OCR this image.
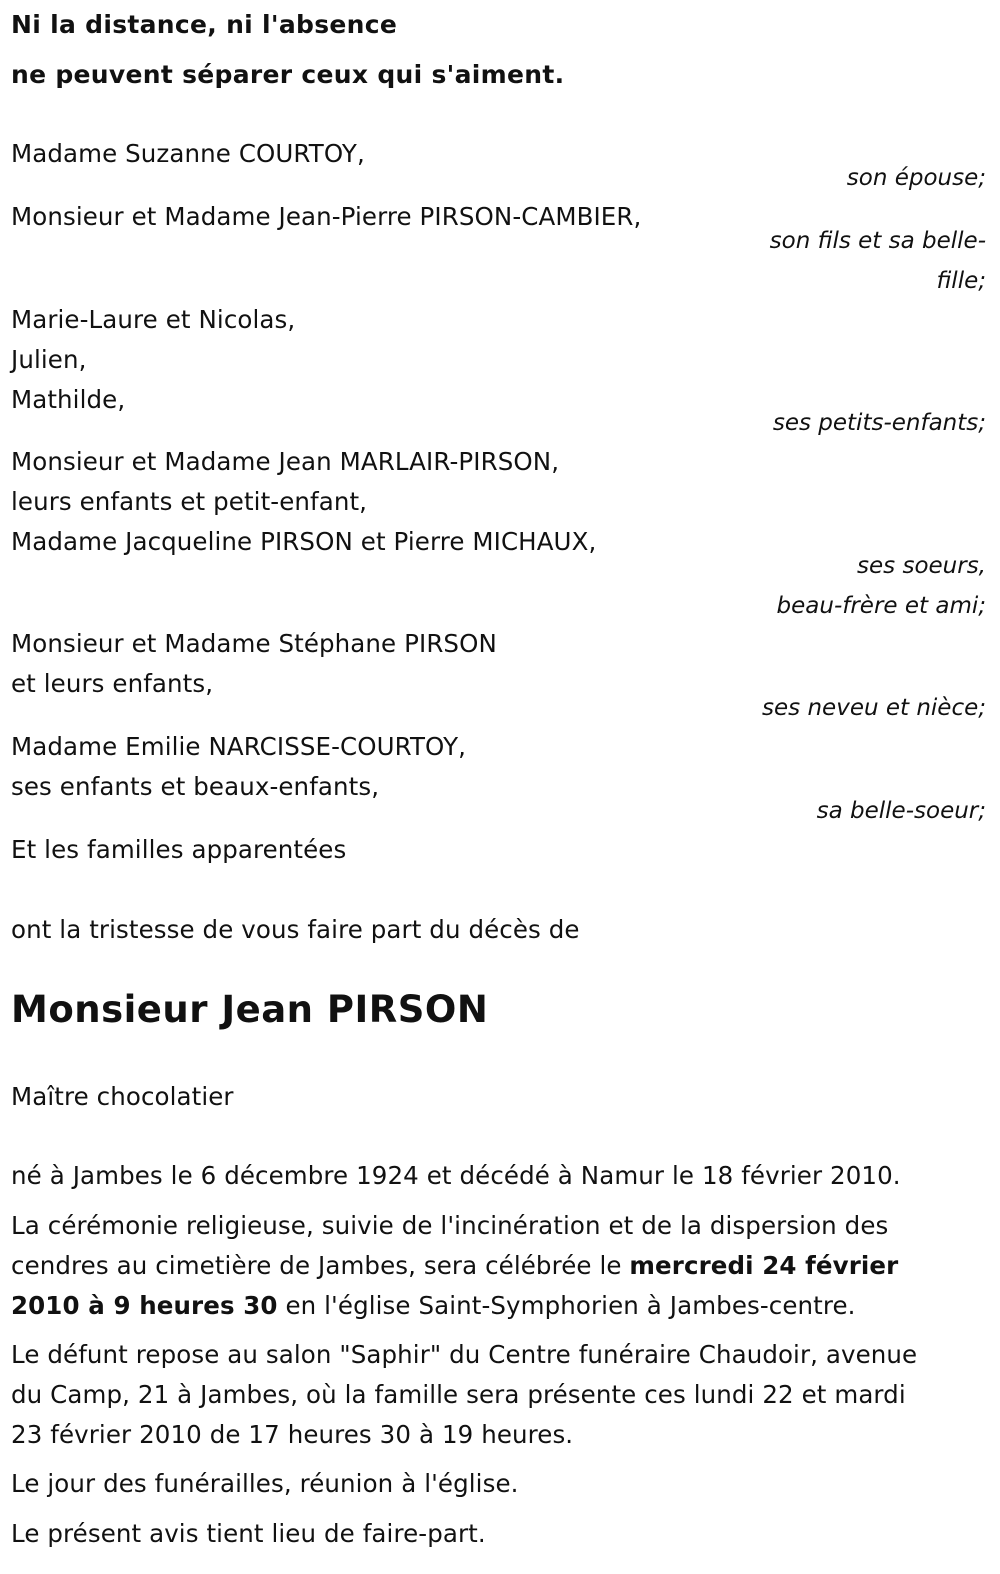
Ni la distance, ni l'absence
ne peuvent séparer ceux qui s'aiment.
Madame Suzanne COURTOY,
son épouse;
Monsieur et Madame Jean-Pierre PIRSON-CAMBIER,
son fils et sa belle-
fille;
Marie-Laure et Nicolas,
Julien,
Mathilde,
ses petits-enfants;
Monsieur et Madame Jean MARLAIR-PIRSON,
leurs enfants et petit-enfant,
Madame Jacqueline PIRSON et Pierre MICHAUX,
ses soeurs,
beau-frère et ami;
Monsieur et Madame Stéphane PIRSON
et leurs enfants,
ses neveu et nièce;
Madame Emilie NARCISSE-COURTOY,
ses enfants et beaux-enfants,
sa belle-soeur;
Et les familles apparentées
ont la tristesse de vous faire part du décès de
Monsieur Jean PIRSON
Maître chocolatier
né à Jambes le 6 décembre 1924 et décédé à Namur le 18 février 2010.
La cérémonie religieuse, suivie de l'incinération et de la dispersion des
cendres au cimetière de Jambes, sera célébrée le mercredi 24 février
2010 à 9 heures 30 en l'église Saint-Symphorien à Jambes-centre.
Le défunt repose au salon "Saphir" du Centre funéraire Chaudoir, avenue
du Camp, 21 à Jambes, où la famille sera présente ces lundi 22 et mardi
23 février 2010 de 17 heures 30 à 19 heures.
Le jour des funérailles, réunion à l'église.
Le présent avis tient lieu de faire-part.
